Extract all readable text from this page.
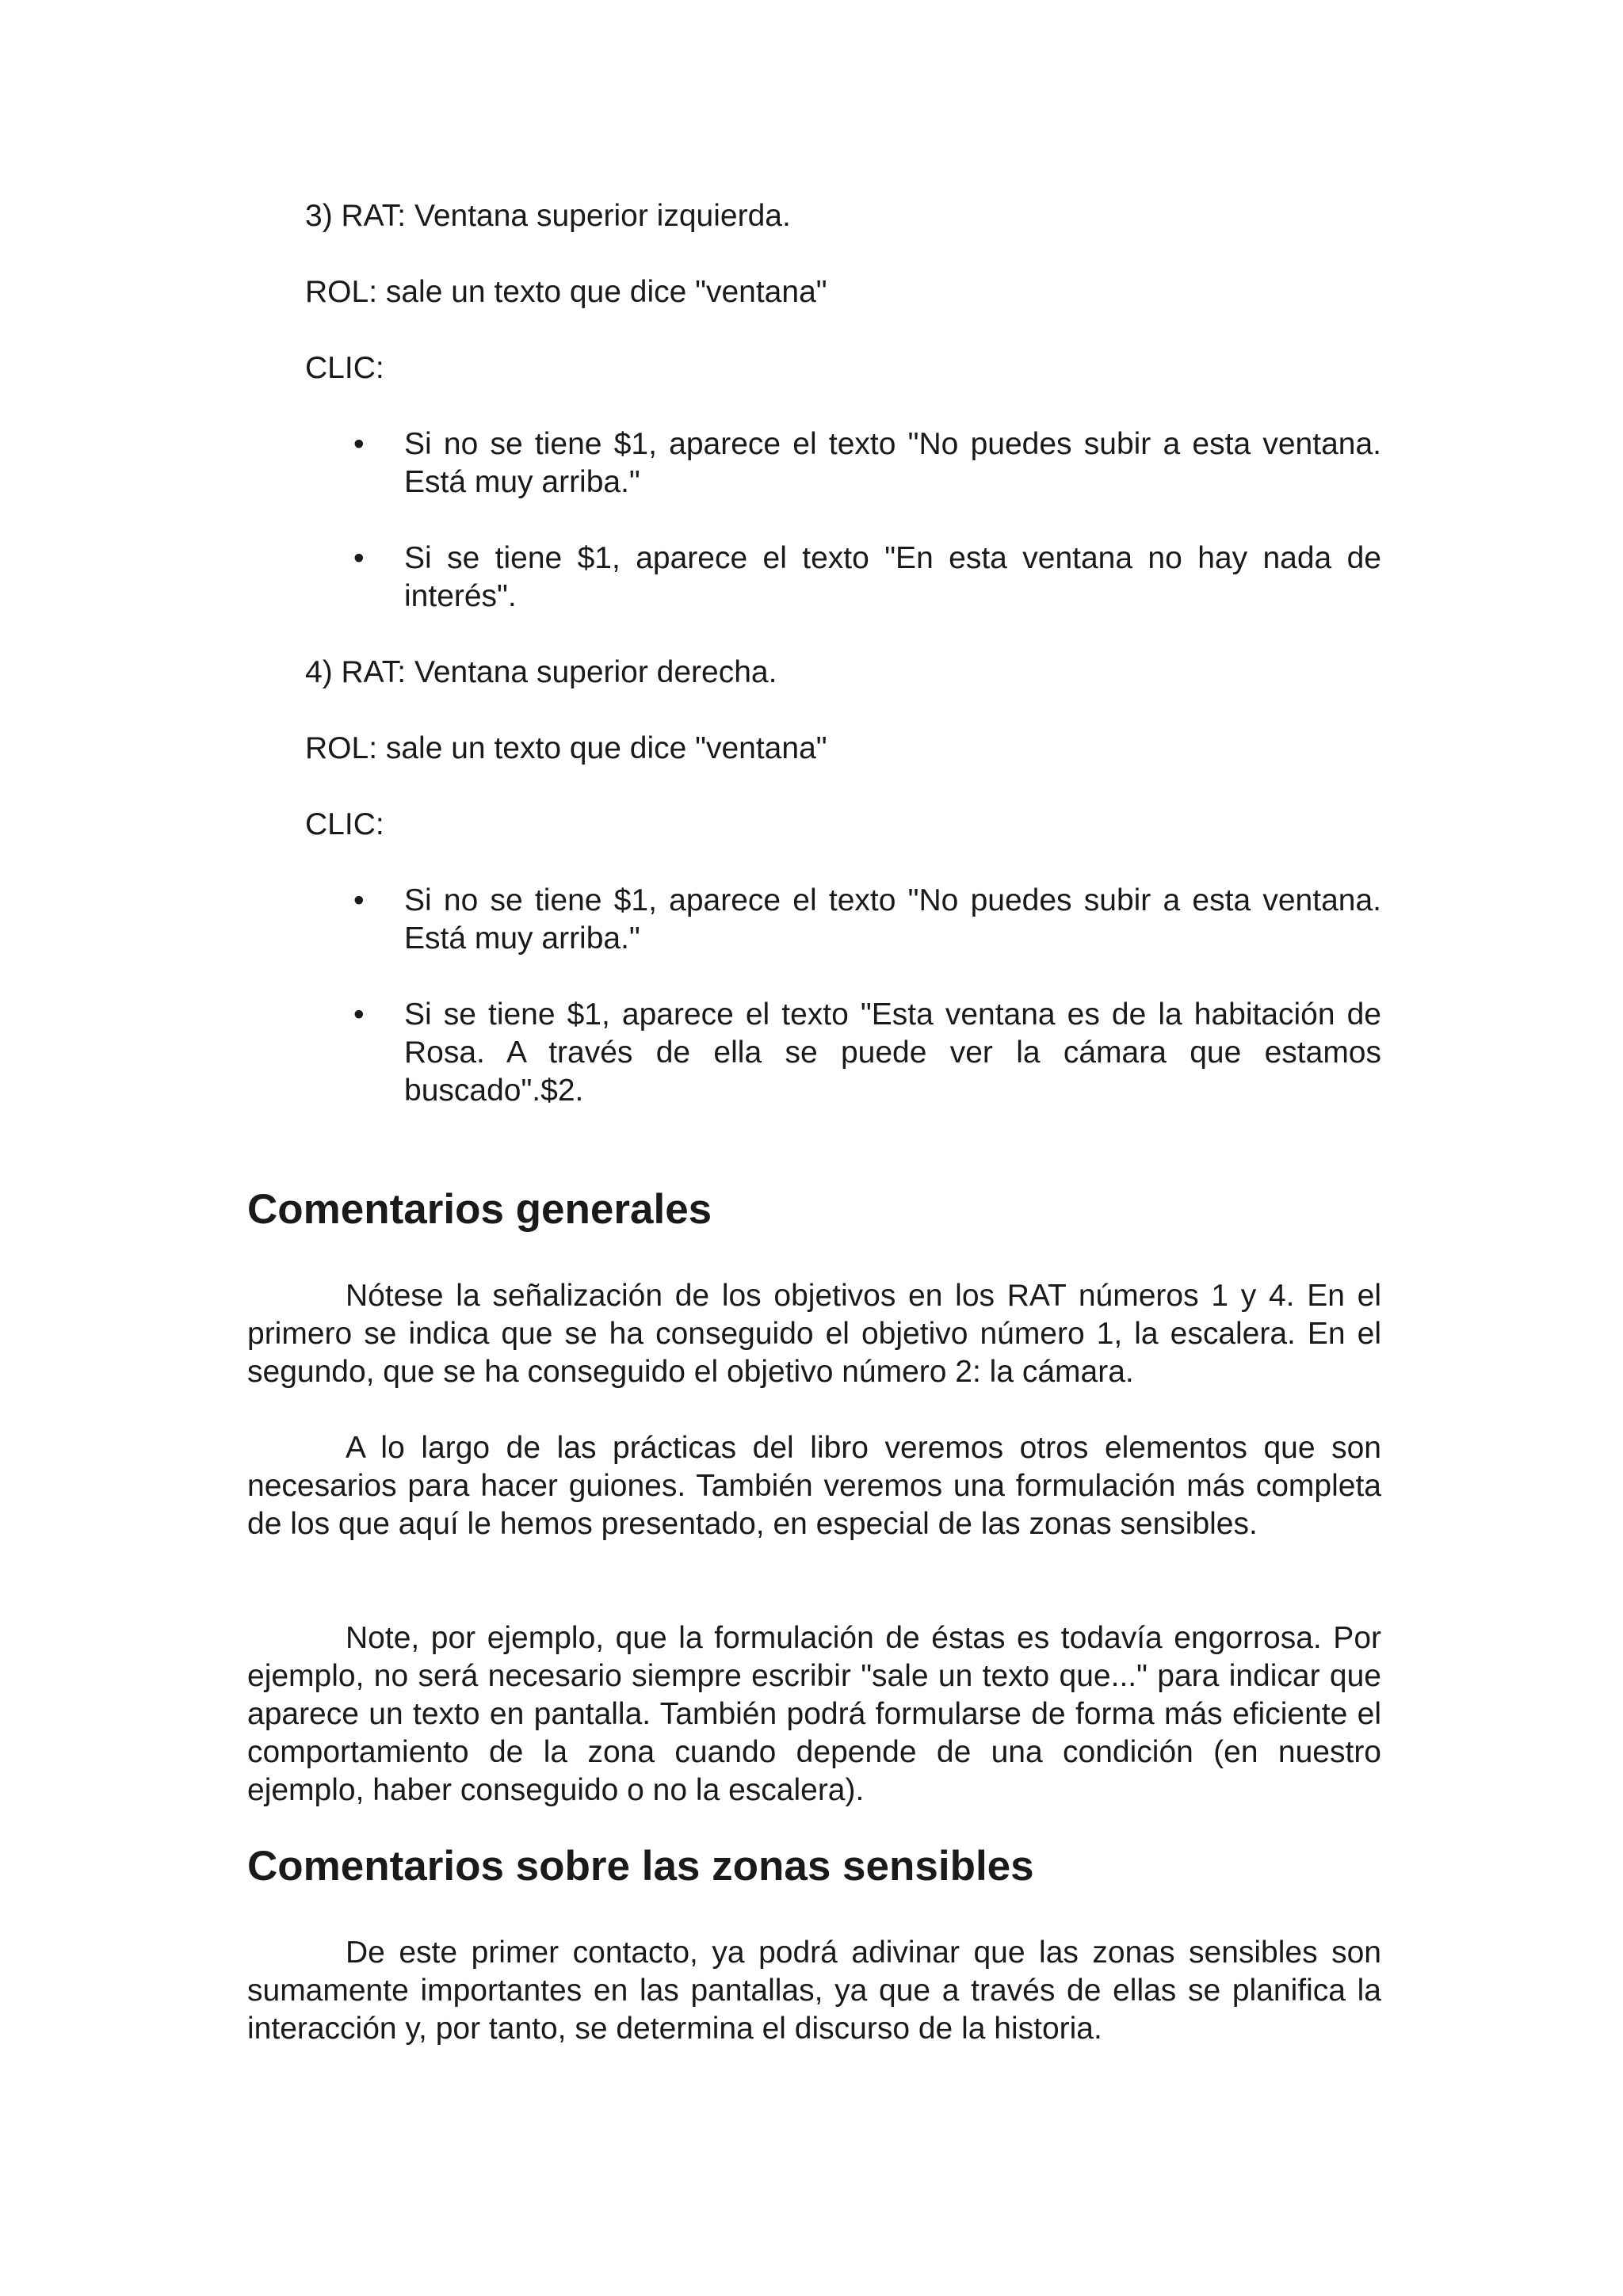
3) RAT: Ventana superior izquierda.

ROL: sale un texto que dice "ventana"

CLIC:

• Si no se tiene $1, aparece el texto "No puedes subir a esta ventana. Está muy arriba."

• Si se tiene $1, aparece el texto "En esta ventana no hay nada de interés".

4) RAT: Ventana superior derecha.

ROL: sale un texto que dice "ventana"

CLIC:

• Si no se tiene $1, aparece el texto "No puedes subir a esta ventana. Está muy arriba."

• Si se tiene $1, aparece el texto "Esta ventana es de la habitación de Rosa. A través de ella se puede ver la cámara que estamos buscado".$2.

Comentarios generales

Nótese la señalización de los objetivos en los RAT números 1 y 4. En el primero se indica que se ha conseguido el objetivo número 1, la escalera. En el segundo, que se ha conseguido el objetivo número 2: la cámara.

A lo largo de las prácticas del libro veremos otros elementos que son necesarios para hacer guiones. También veremos una formulación más completa de los que aquí le hemos presentado, en especial de las zonas sensibles.

Note, por ejemplo, que la formulación de éstas es todavía engorrosa. Por ejemplo, no será necesario siempre escribir "sale un texto que..." para indicar que aparece un texto en pantalla. También podrá formularse de forma más eficiente el comportamiento de la zona cuando depende de una condición (en nuestro ejemplo, haber conseguido o no la escalera).

Comentarios sobre las zonas sensibles

De este primer contacto, ya podrá adivinar que las zonas sensibles son sumamente importantes en las pantallas, ya que a través de ellas se planifica la interacción y, por tanto, se determina el discurso de la historia.
